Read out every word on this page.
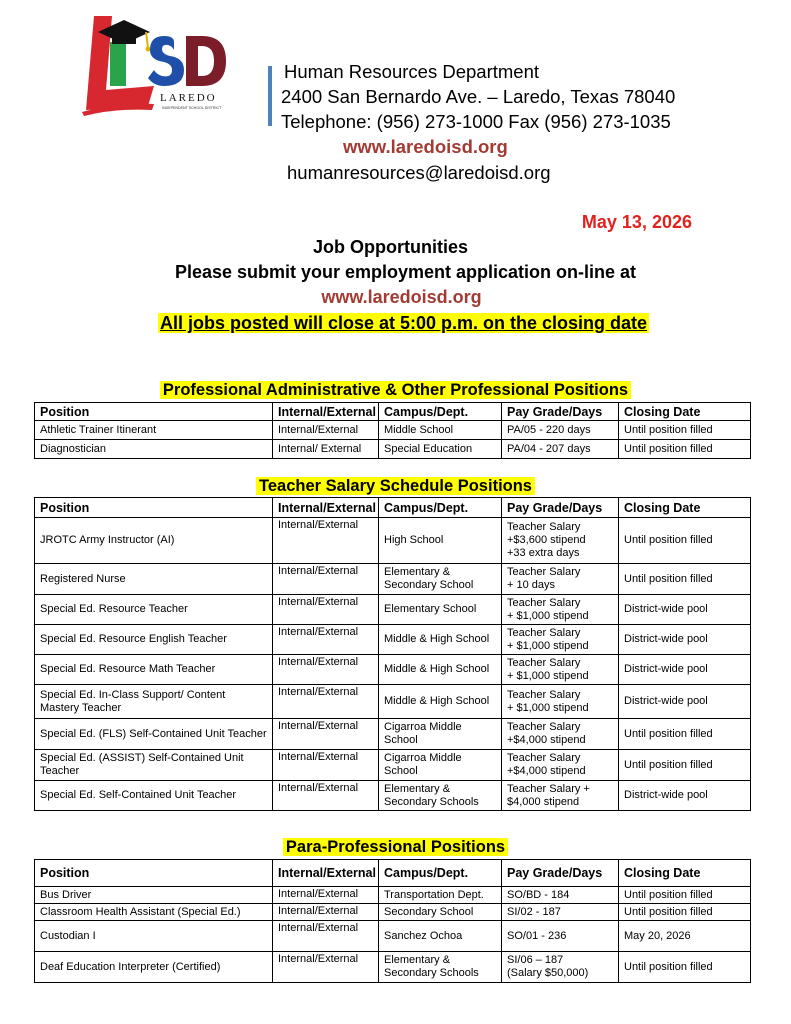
LAREDO
INDEPENDENT SCHOOL DISTRICT
Human Resources Department
2400 San Bernardo Ave. – Laredo, Texas 78040
Telephone: (956) 273-1000 Fax (956) 273-1035
www.laredoisd.org
humanresources@laredoisd.org
May 13, 2026
Job Opportunities
Please submit your employment application on-line at
www.laredoisd.org
All jobs posted will close at 5:00 p.m. on the closing date
Professional Administrative & Other Professional Positions
Position	Internal/External	Campus/Dept.	Pay Grade/Days	Closing Date
Athletic Trainer Itinerant	Internal/External	Middle School	PA/05 - 220 days	Until position filled
Diagnostician	Internal/ External	Special Education	PA/04 - 207 days	Until position filled
Teacher Salary Schedule Positions
Position	Internal/External	Campus/Dept.	Pay Grade/Days	Closing Date
JROTC Army Instructor (AI)	Internal/External	High School	Teacher Salary
+$3,600 stipend
+33 extra days	Until position filled
Registered Nurse	Internal/External	Elementary &
Secondary School	Teacher Salary
+ 10 days	Until position filled
Special Ed. Resource Teacher	Internal/External	Elementary School	Teacher Salary
+ $1,000 stipend	District-wide pool
Special Ed. Resource English Teacher	Internal/External	Middle & High School	Teacher Salary
+ $1,000 stipend	District-wide pool
Special Ed. Resource Math Teacher	Internal/External	Middle & High School	Teacher Salary
+ $1,000 stipend	District-wide pool
Special Ed. In-Class Support/ Content Mastery Teacher	Internal/External	Middle & High School	Teacher Salary
+ $1,000 stipend	District-wide pool
Special Ed. (FLS) Self-Contained Unit Teacher	Internal/External	Cigarroa Middle School	Teacher Salary
+$4,000 stipend	Until position filled
Special Ed. (ASSIST) Self-Contained Unit Teacher	Internal/External	Cigarroa Middle School	Teacher Salary
+$4,000 stipend	Until position filled
Special Ed. Self-Contained Unit Teacher	Internal/External	Elementary &
Secondary Schools	Teacher Salary +
$4,000 stipend	District-wide pool
Para-Professional Positions
Position	Internal/External	Campus/Dept.	Pay Grade/Days	Closing Date
Bus Driver	Internal/External	Transportation Dept.	SO/BD - 184	Until position filled
Classroom Health Assistant (Special Ed.)	Internal/External	Secondary School	SI/02 - 187	Until position filled
Custodian I	Internal/External	Sanchez Ochoa	SO/01 - 236	May 20, 2026
Deaf Education Interpreter (Certified)	Internal/External	Elementary &
Secondary Schools	SI/06 – 187
(Salary $50,000)	Until position filled
